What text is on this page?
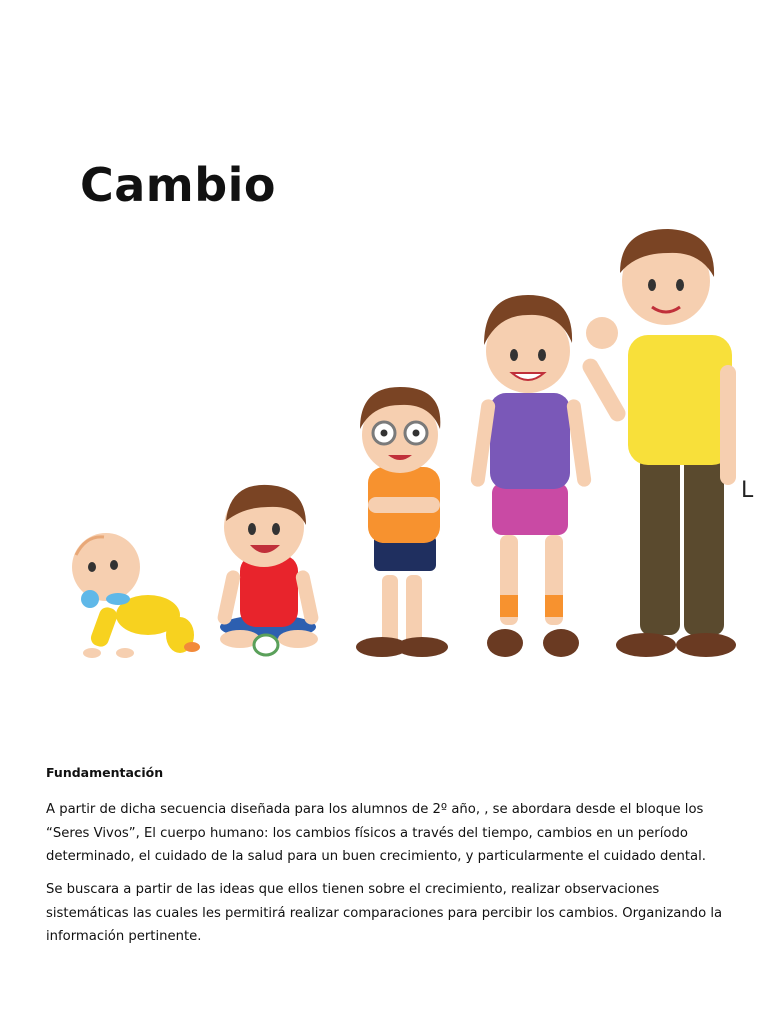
Cambio
L
Fundamentación

A partir de dicha secuencia diseñada para los alumnos de 2º año, , se abordara desde el bloque los “Seres Vivos”, El cuerpo humano: los cambios físicos a través del tiempo, cambios en un período determinado, el cuidado de la salud para un buen crecimiento, y particularmente el cuidado dental.

Se buscara a partir de las ideas que ellos tienen sobre el crecimiento, realizar observaciones sistemáticas las cuales les permitirá realizar comparaciones para percibir los cambios. Organizando la información pertinente.
